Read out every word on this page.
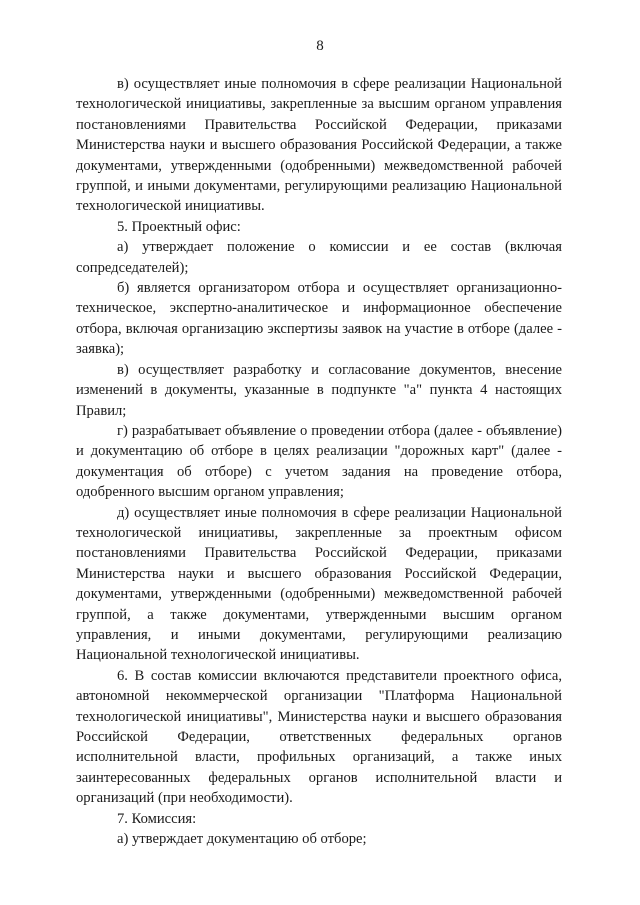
8

в) осуществляет иные полномочия в сфере реализации Национальной технологической инициативы, закрепленные за высшим органом управления постановлениями Правительства Российской Федерации, приказами Министерства науки и высшего образования Российской Федерации, а также документами, утвержденными (одобренными) межведомственной рабочей группой, и иными документами, регулирующими реализацию Национальной технологической инициативы.

5. Проектный офис:

а) утверждает положение о комиссии и ее состав (включая сопредседателей);

б) является организатором отбора и осуществляет организационно-техническое, экспертно-аналитическое и информационное обеспечение отбора, включая организацию экспертизы заявок на участие в отборе (далее - заявка);

в) осуществляет разработку и согласование документов, внесение изменений в документы, указанные в подпункте "а" пункта 4 настоящих Правил;

г) разрабатывает объявление о проведении отбора (далее - объявление) и документацию об отборе в целях реализации "дорожных карт" (далее - документация об отборе) с учетом задания на проведение отбора, одобренного высшим органом управления;

д) осуществляет иные полномочия в сфере реализации Национальной технологической инициативы, закрепленные за проектным офисом постановлениями Правительства Российской Федерации, приказами Министерства науки и высшего образования Российской Федерации, документами, утвержденными (одобренными) межведомственной рабочей группой, а также документами, утвержденными высшим органом управления, и иными документами, регулирующими реализацию Национальной технологической инициативы.

6. В состав комиссии включаются представители проектного офиса, автономной некоммерческой организации "Платформа Национальной технологической инициативы", Министерства науки и высшего образования Российской Федерации, ответственных федеральных органов исполнительной власти, профильных организаций, а также иных заинтересованных федеральных органов исполнительной власти и организаций (при необходимости).

7. Комиссия:

а) утверждает документацию об отборе;
